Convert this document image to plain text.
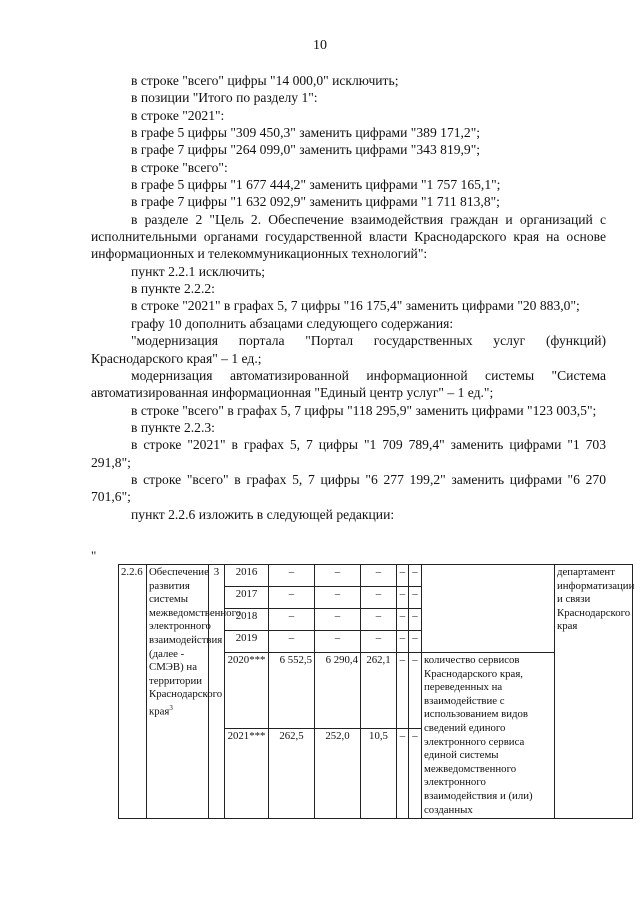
10

в строке "всего" цифры "14 000,0" исключить;

в позиции "Итого по разделу 1":

в строке "2021":

в графе 5 цифры "309 450,3" заменить цифрами "389 171,2";

в графе 7 цифры "264 099,0" заменить цифрами "343 819,9";

в строке "всего":

в графе 5 цифры "1 677 444,2" заменить цифрами "1 757 165,1";

в графе 7 цифры "1 632 092,9" заменить цифрами "1 711 813,8";

в разделе 2 "Цель 2. Обеспечение взаимодействия граждан и организаций с исполнительными органами государственной власти Краснодарского края на основе информационных и телекоммуникационных технологий":

пункт 2.2.1 исключить;

в пункте 2.2.2:

в строке "2021" в графах 5, 7 цифры "16 175,4" заменить цифрами "20 883,0";

графу 10 дополнить абзацами следующего содержания:

"модернизация портала "Портал государственных услуг (функций) Краснодарского края" – 1 ед.;

модернизация автоматизированной информационной системы "Система автоматизированная информационная "Единый центр услуг" – 1 ед.";

в строке "всего" в графах 5, 7 цифры "118 295,9" заменить цифрами "123 003,5";

в пункте 2.2.3:

в строке "2021" в графах 5, 7 цифры "1 709 789,4" заменить цифрами "1 703 291,8";

в строке "всего" в графах 5, 7 цифры "6 277 199,2" заменить цифрами "6 270 701,6";

пункт 2.2.6 изложить в следующей редакции:

"
2.2.6	Обеспечение развития системы межведомственного электронного взаимодействия (далее - СМЭВ) на территории Краснодарского края$^3$	3	2016	–	–	–	–	–		департамент информатизации и связи Краснодарского края
			2017	–	–	–	–	–		
			2018	–	–	–	–	–		
			2019	–	–	–	–	–		
			2020***	6 552,5	6 290,4	262,1	–	–	количество сервисов Краснодарского края, переведенных на взаимодействие с использованием видов сведений единого электронного сервиса единой системы межведомственного электронного взаимодействия и (или) созданных	
			2021***	262,5	252,0	10,5	–	–		
